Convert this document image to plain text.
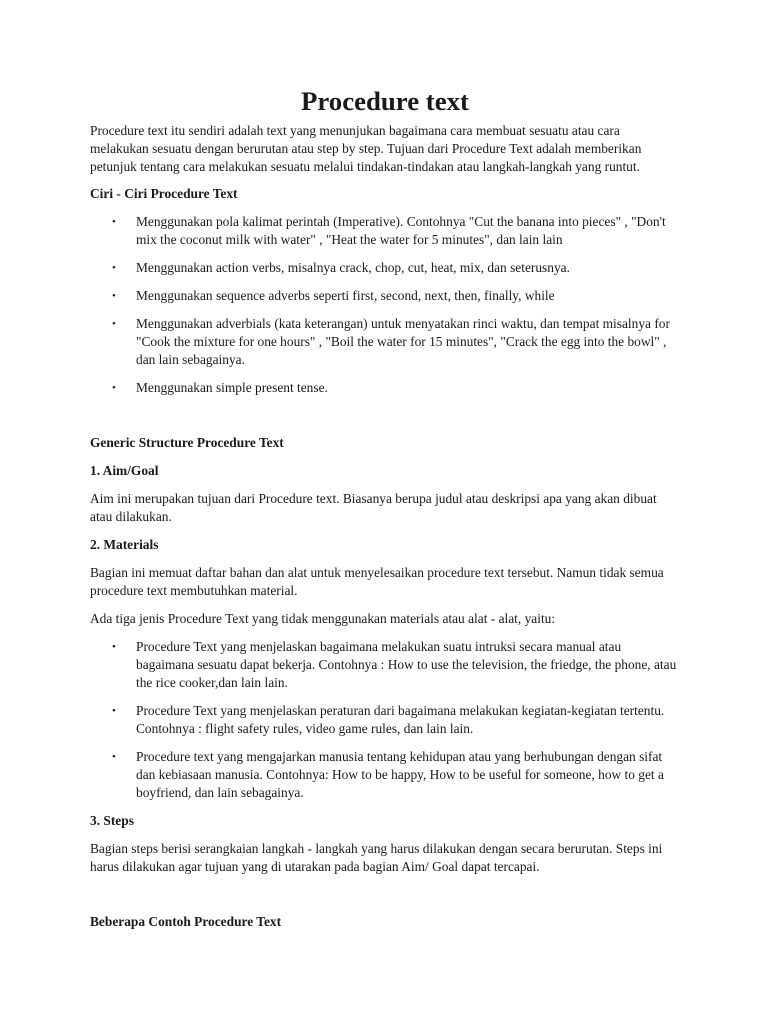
Procedure text

Procedure text itu sendiri adalah text yang menunjukan bagaimana cara membuat sesuatu atau cara melakukan sesuatu dengan berurutan atau step by step. Tujuan dari Procedure Text adalah memberikan petunjuk tentang cara melakukan sesuatu melalui tindakan-tindakan atau langkah-langkah yang runtut.

Ciri - Ciri Procedure Text

• Menggunakan pola kalimat perintah (Imperative). Contohnya "Cut the banana into pieces" , "Don't mix the coconut milk with water" , "Heat the water for 5 minutes", dan lain lain
• Menggunakan action verbs, misalnya crack, chop, cut, heat, mix, dan seterusnya.
• Menggunakan sequence adverbs seperti first, second, next, then, finally, while
• Menggunakan adverbials (kata keterangan) untuk menyatakan rinci waktu, dan tempat misalnya for "Cook the mixture for one hours" , "Boil the water for 15 minutes", "Crack the egg into the bowl" , dan lain sebagainya.
• Menggunakan simple present tense.

Generic Structure Procedure Text

1. Aim/Goal

Aim ini merupakan tujuan dari Procedure text. Biasanya berupa judul atau deskripsi apa yang akan dibuat atau dilakukan.

2. Materials

Bagian ini memuat daftar bahan dan alat untuk menyelesaikan procedure text tersebut. Namun tidak semua procedure text membutuhkan material.

Ada tiga jenis Procedure Text yang tidak menggunakan materials atau alat - alat, yaitu:

• Procedure Text yang menjelaskan bagaimana melakukan suatu intruksi secara manual atau bagaimana sesuatu dapat bekerja. Contohnya : How to use the television, the friedge, the phone, atau the rice cooker,dan lain lain.
• Procedure Text yang menjelaskan peraturan dari bagaimana melakukan kegiatan-kegiatan tertentu. Contohnya : flight safety rules, video game rules, dan lain lain.
• Procedure text yang mengajarkan manusia tentang kehidupan atau yang berhubungan dengan sifat dan kebiasaan manusia. Contohnya: How to be happy, How to be useful for someone, how to get a boyfriend, dan lain sebagainya.

3. Steps

Bagian steps berisi serangkaian langkah - langkah yang harus dilakukan dengan secara berurutan. Steps ini harus dilakukan agar tujuan yang di utarakan pada bagian Aim/ Goal dapat tercapai.

Beberapa Contoh Procedure Text
